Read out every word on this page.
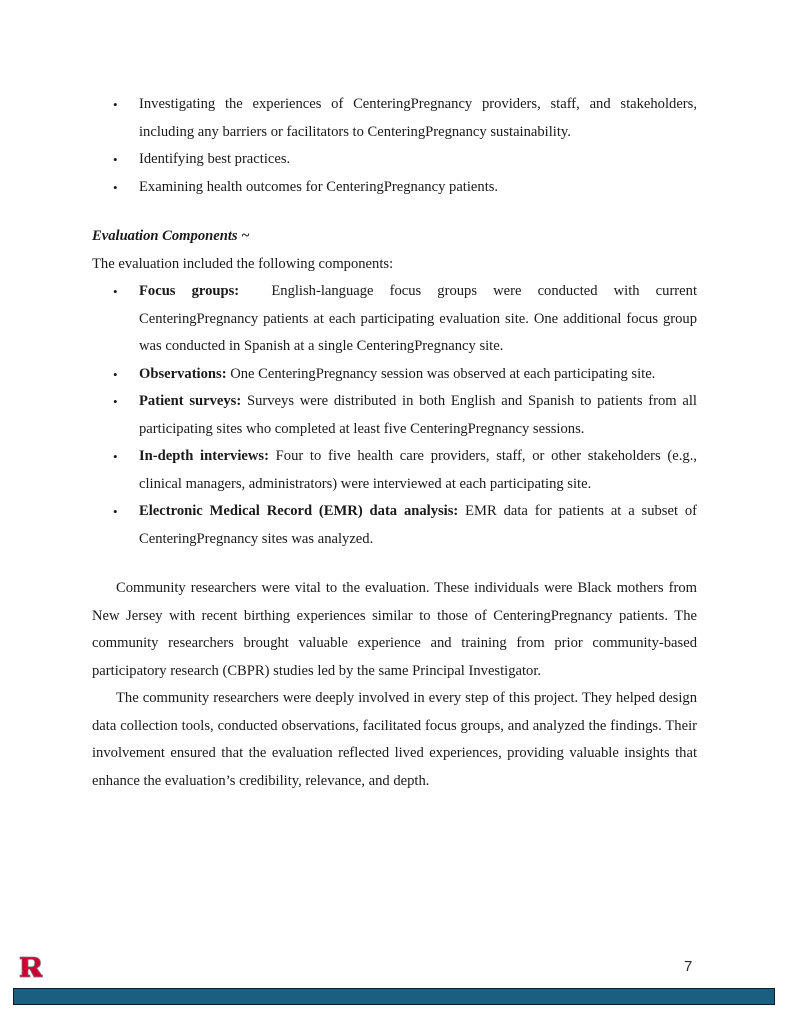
• Investigating the experiences of CenteringPregnancy providers, staff, and stakeholders, including any barriers or facilitators to CenteringPregnancy sustainability.
• Identifying best practices.
• Examining health outcomes for CenteringPregnancy patients.

Evaluation Components ~

The evaluation included the following components:

• Focus groups:  English-language focus groups were conducted with current CenteringPregnancy patients at each participating evaluation site. One additional focus group was conducted in Spanish at a single CenteringPregnancy site.
• Observations: One CenteringPregnancy session was observed at each participating site.
• Patient surveys: Surveys were distributed in both English and Spanish to patients from all participating sites who completed at least five CenteringPregnancy sessions.
• In-depth interviews: Four to five health care providers, staff, or other stakeholders (e.g., clinical managers, administrators) were interviewed at each participating site.
• Electronic Medical Record (EMR) data analysis: EMR data for patients at a subset of CenteringPregnancy sites was analyzed.

Community researchers were vital to the evaluation. These individuals were Black mothers from New Jersey with recent birthing experiences similar to those of CenteringPregnancy patients. The community researchers brought valuable experience and training from prior community-based participatory research (CBPR) studies led by the same Principal Investigator.

The community researchers were deeply involved in every step of this project. They helped design data collection tools, conducted observations, facilitated focus groups, and analyzed the findings. Their involvement ensured that the evaluation reflected lived experiences, providing valuable insights that enhance the evaluation’s credibility, relevance, and depth.

7
